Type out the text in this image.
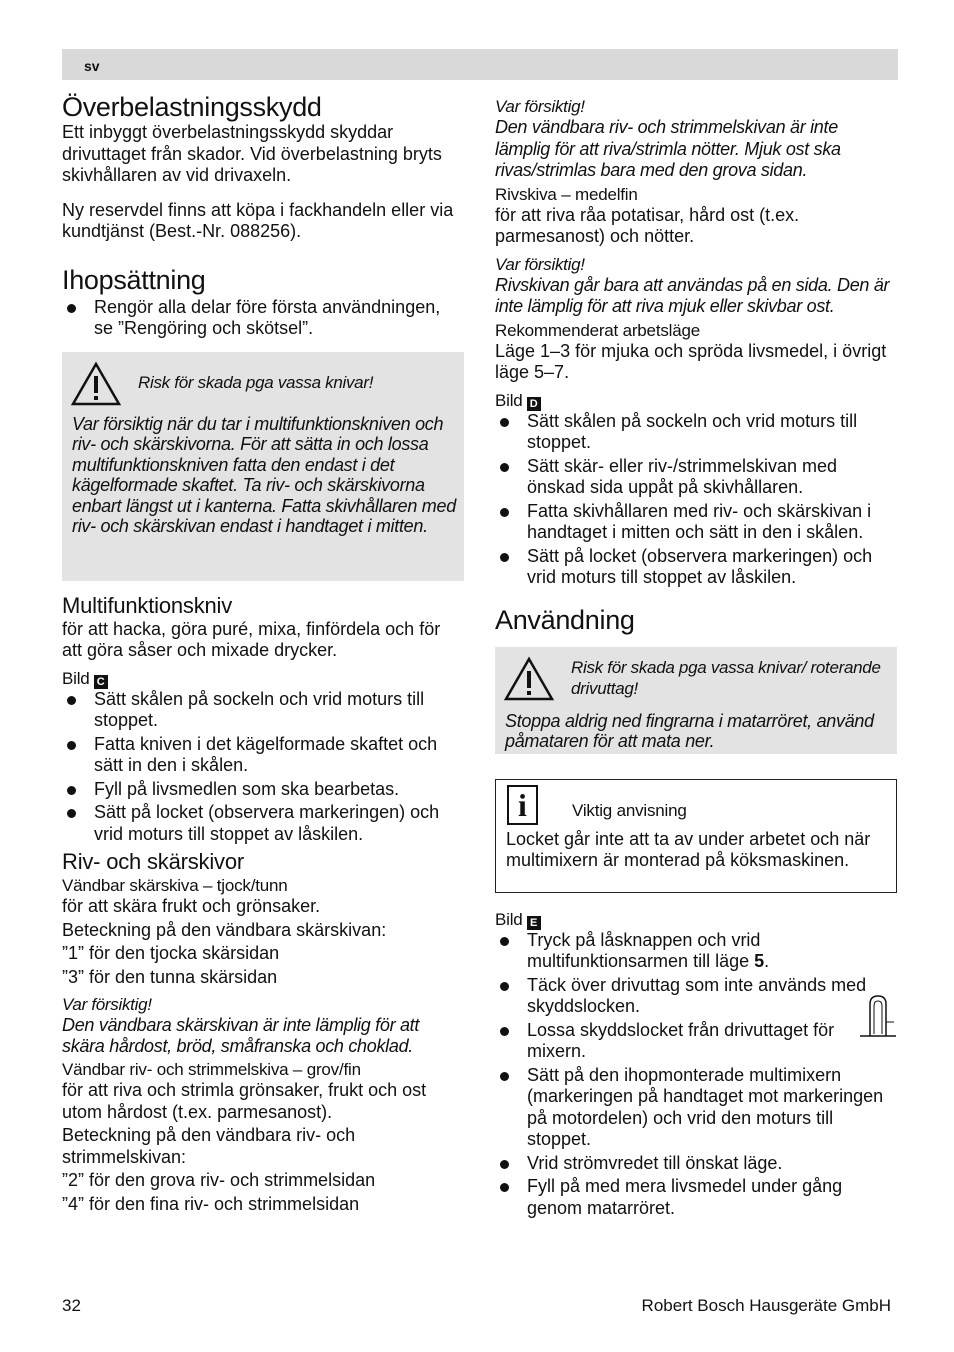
sv
Överbelastningsskydd

Ett inbyggt överbelastningsskydd skyddar drivuttaget från skador. Vid överbelastning bryts skivhållaren av vid drivaxeln.

Ny reservdel finns att köpa i fackhandeln eller via kundtjänst (Best.-Nr. 088256).

Ihopsättning
Rengör alla delar före första användningen, se ”Rengöring och skötsel”.
Risk för skada pga vassa knivar!

Var försiktig när du tar i multifunktionskniven och riv- och skärskivorna. För att sätta in och lossa multifunktionskniven fatta den endast i det kägelformade skaftet. Ta riv- och skärskivorna enbart längst ut i kanterna. Fatta skivhållaren med riv- och skärskivan endast i handtaget i mitten.

Multifunktionskniv

för att hacka, göra puré, mixa, finfördela och för att göra såser och mixade drycker.

Bild C
Sätt skålen på sockeln och vrid moturs till stoppet.
Fatta kniven i det kägelformade skaftet och sätt in den i skålen.
Fyll på livsmedlen som ska bearbetas.
Sätt på locket (observera markeringen) och vrid moturs till stoppet av låskilen.
Riv- och skärskivor
Vändbar skärskiva – tjock/tunn

för att skära frukt och grönsaker.

Beteckning på den vändbara skärskivan:

”1” för den tjocka skärsidan

”3” för den tunna skärsidan

Var försiktig!

Den vändbara skärskivan är inte lämplig för att skära hårdost, bröd, småfranska och choklad.

Vändbar riv- och strimmelskiva – grov/fin

för att riva och strimla grönsaker, frukt och ost utom hårdost (t.ex. parmesanost).

Beteckning på den vändbara riv- och strimmelskivan:

”2” för den grova riv- och strimmelsidan

”4” för den fina riv- och strimmelsidan

Var försiktig!

Den vändbara riv- och strimmelskivan är inte lämplig för att riva/strimla nötter. Mjuk ost ska rivas/strimlas bara med den grova sidan.

Rivskiva – medelfin

för att riva råa potatisar, hård ost (t.ex. parmesanost) och nötter.

Var försiktig!

Rivskivan går bara att användas på en sida. Den är inte lämplig för att riva mjuk eller skivbar ost.

Rekommenderat arbetsläge

Läge 1–3 för mjuka och spröda livsmedel, i övrigt läge 5–7.

Bild D
Sätt skålen på sockeln och vrid moturs till stoppet.
Sätt skär- eller riv-/strimmelskivan med önskad sida uppåt på skivhållaren.
Fatta skivhållaren med riv- och skärskivan i handtaget i mitten och sätt in den i skålen.
Sätt på locket (observera markeringen) och vrid moturs till stoppet av låskilen.
Användning
Risk för skada pga vassa knivar/ roterande drivuttag!

Stoppa aldrig ned fingrarna i matarröret, använd påmataren för att mata ner.

i	Viktig anvisning

Locket går inte att ta av under arbetet och när multimixern är monterad på köksmaskinen.

Bild E
Tryck på låsknappen och vrid multifunktionsarmen till läge 5.
Täck över drivuttag som inte används med skyddslocken.
Lossa skyddslocket från drivuttaget för mixern.
Sätt på den ihopmonterade multimixern (markeringen på handtaget mot markeringen på motordelen) och vrid den moturs till stoppet.
Vrid strömvredet till önskat läge.
Fyll på med mera livsmedel under gång genom matarröret.
32	Robert Bosch Hausgeräte GmbH
